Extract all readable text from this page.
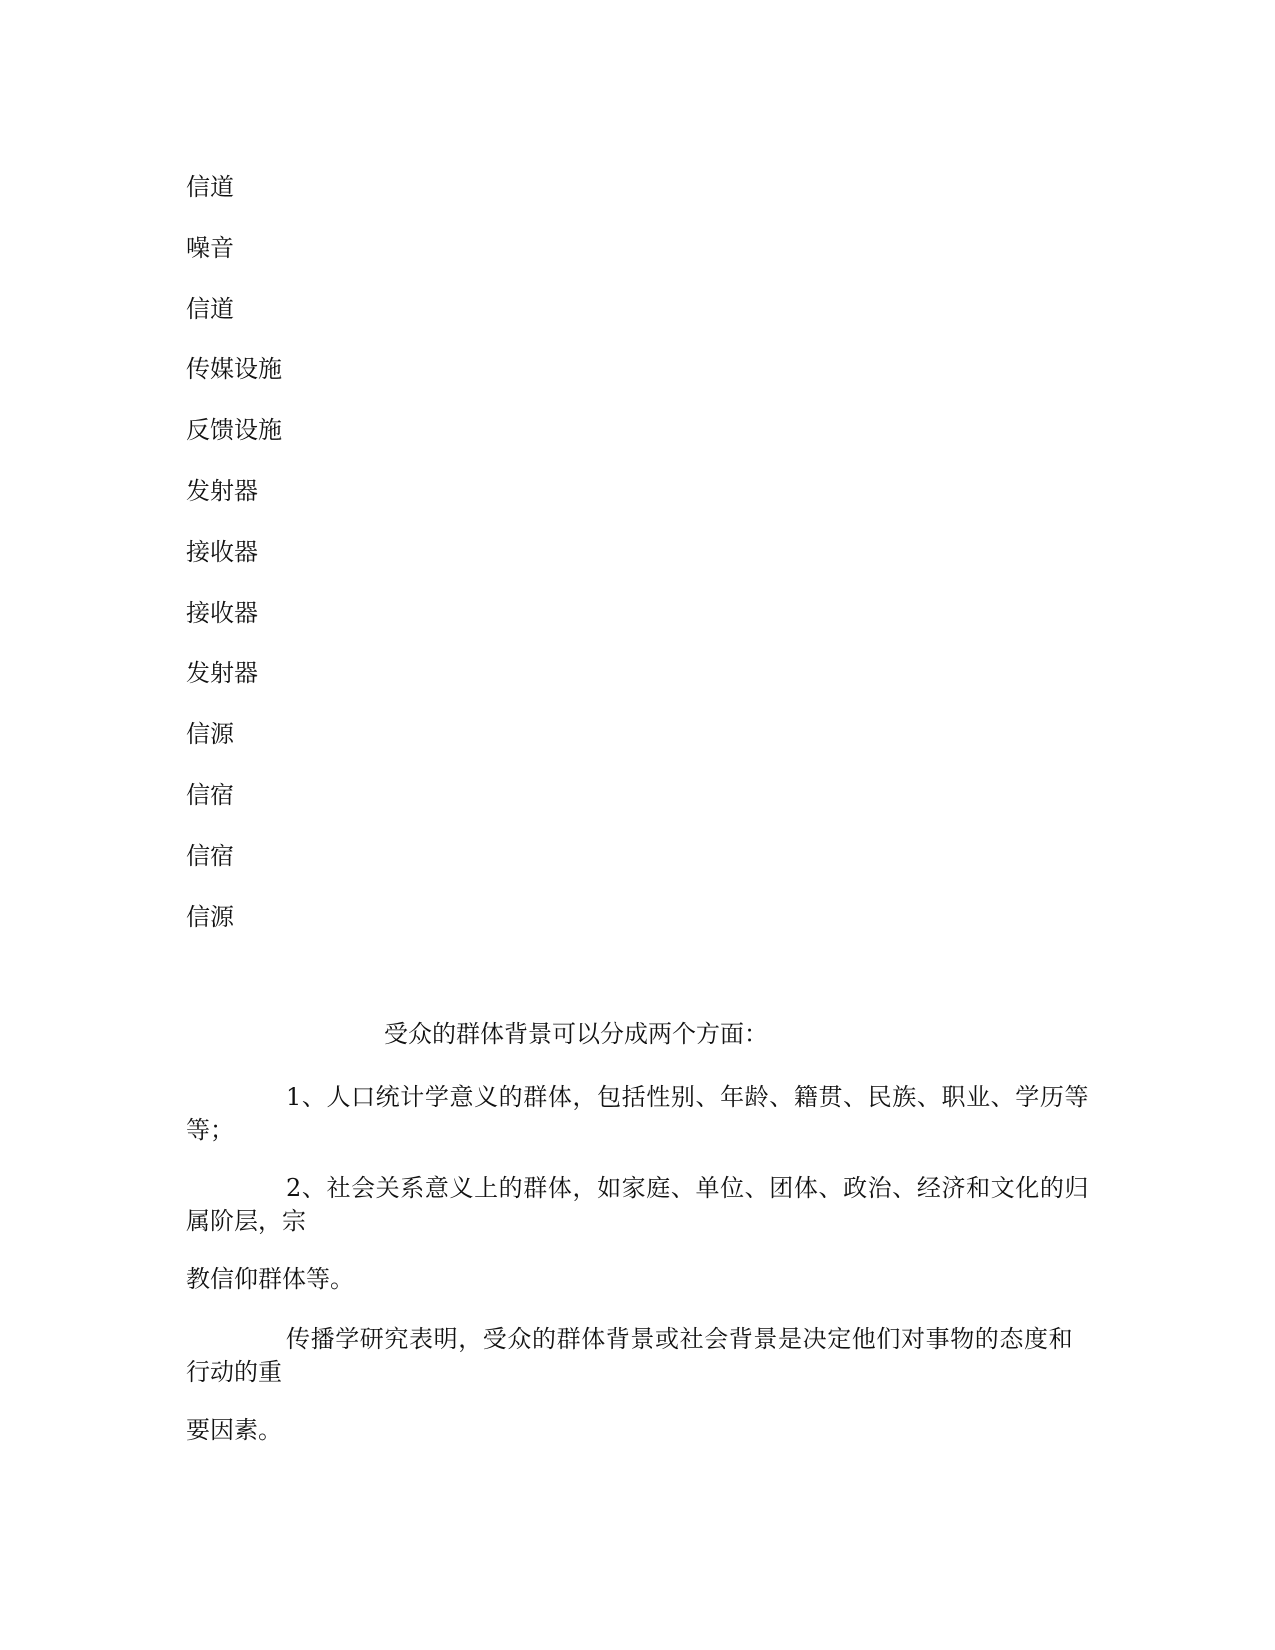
信道
噪音
信道
传媒设施
反馈设施
发射器
接收器
接收器
发射器
信源
信宿
信宿
信源
受众的群体背景可以分成两个方面：

1、人口统计学意义的群体，包括性别、年龄、籍贯、民族、职业、学历等
等；

2、社会关系意义上的群体，如家庭、单位、团体、政治、经济和文化的归
属阶层，宗

教信仰群体等。

传播学研究表明，受众的群体背景或社会背景是决定他们对事物的态度和
行动的重

要因素。
